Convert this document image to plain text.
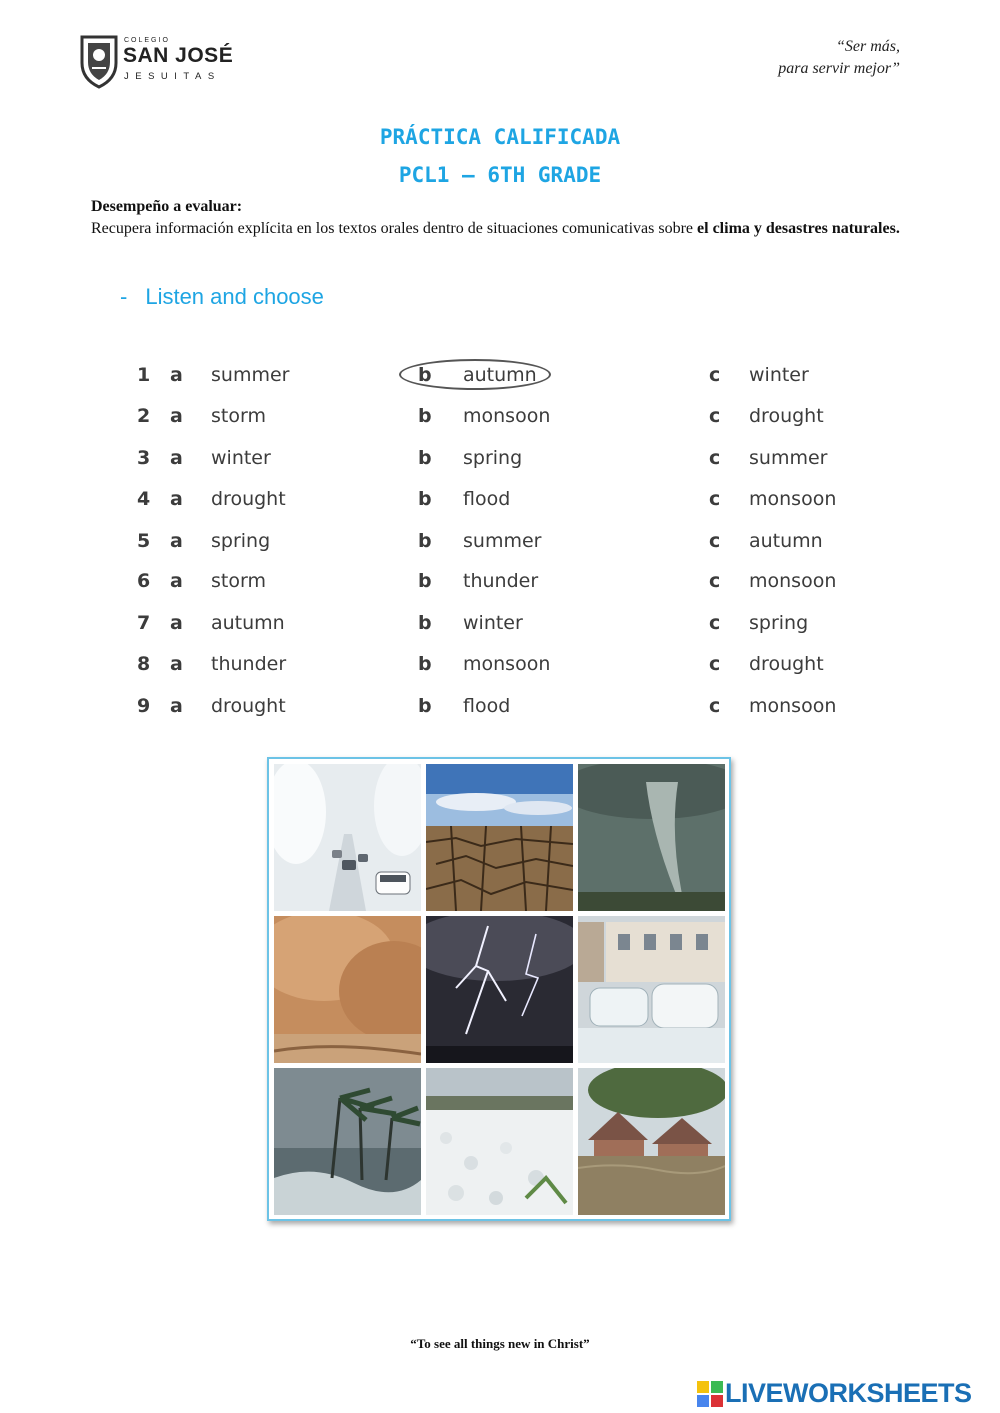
COLEGIO
SAN JOSÉ
JESUITAS
“Ser más,
para servir mejor”
PRÁCTICA CALIFICADA
PCL1 – 6TH GRADE
Desempeño a evaluar:
Recupera información explícita en los textos orales dentro de situaciones comunicativas sobre el clima y desastres naturales.
- Listen and choose
1 a summer	b autumn	c winter
2 a storm	b monsoon	c drought
3 a winter	b spring	c summer
4 a drought	b flood	c monsoon
5 a spring	b summer	c autumn
6 a storm	b thunder	c monsoon
7 a autumn	b winter	c spring
8 a thunder	b monsoon	c drought
9 a drought	b flood	c monsoon
“To see all things new in Christ”
LIVEWORKSHEETS
